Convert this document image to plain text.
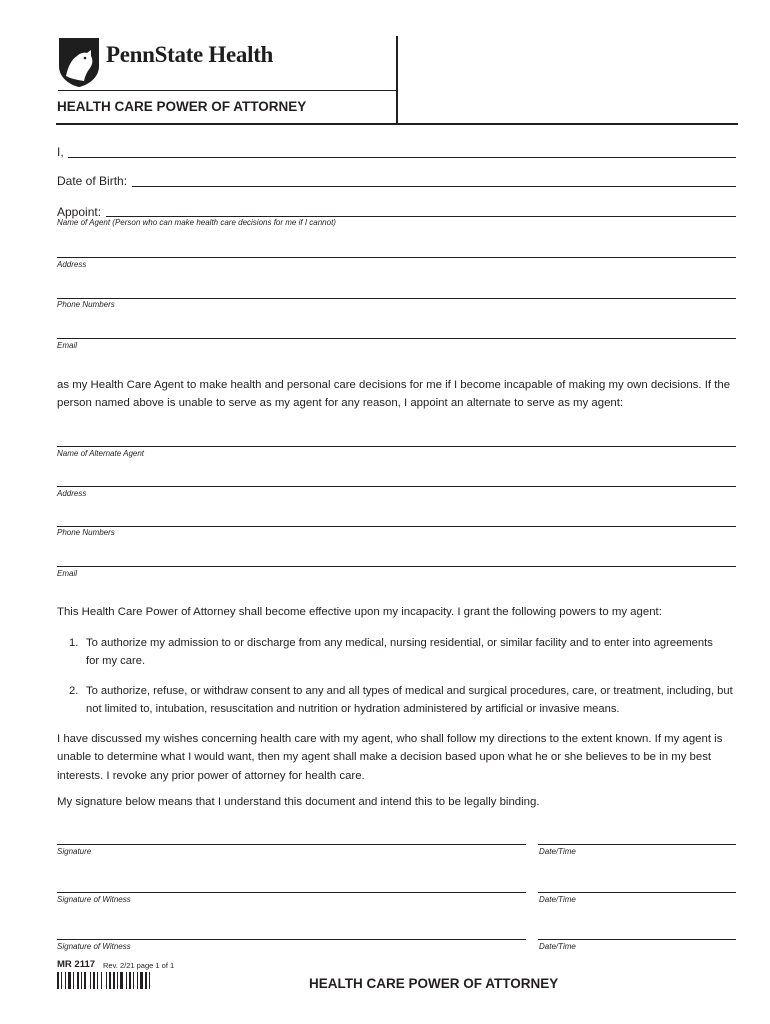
PennState Health
HEALTH CARE POWER OF ATTORNEY
I,
Date of Birth:
Appoint:
Name of Agent (Person who can make health care decisions for me if I cannot)
Address
Phone Numbers
Email
as my Health Care Agent to make health and personal care decisions for me if I become incapable of making my own decisions. If the person named above is unable to serve as my agent for any reason, I appoint an alternate to serve as my agent:
Name of Alternate Agent
Address
Phone Numbers
Email
This Health Care Power of Attorney shall become effective upon my incapacity. I grant the following powers to my agent:
1. To authorize my admission to or discharge from any medical, nursing residential, or similar facility and to enter into agreements for my care.
2. To authorize, refuse, or withdraw consent to any and all types of medical and surgical procedures, care, or treatment, including, but not limited to, intubation, resuscitation and nutrition or hydration administered by artificial or invasive means.
I have discussed my wishes concerning health care with my agent, who shall follow my directions to the extent known. If my agent is unable to determine what I would want, then my agent shall make a decision based upon what he or she believes to be in my best interests. I revoke any prior power of attorney for health care.
My signature below means that I understand this document and intend this to be legally binding.
Signature	Date/Time
Signature of Witness	Date/Time
Signature of Witness	Date/Time
MR 2117 Rev. 2/21 page 1 of 1
HEALTH CARE POWER OF ATTORNEY
